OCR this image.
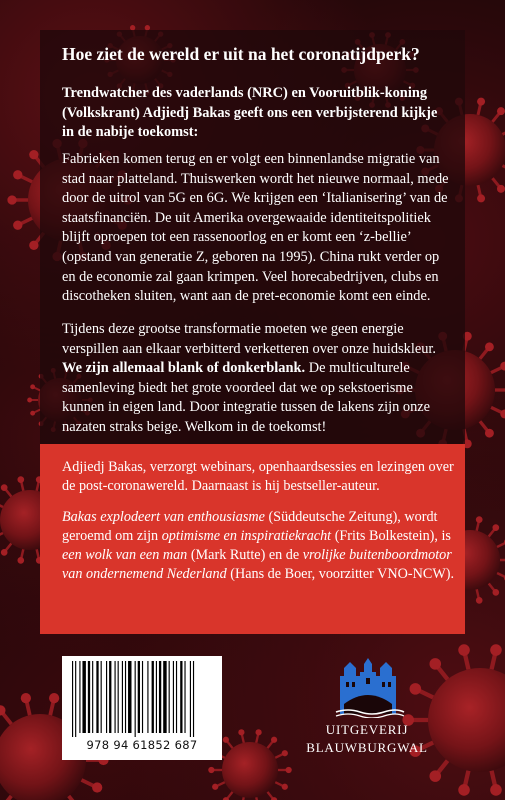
Hoe ziet de wereld er uit na het coronatijdperk?
Trendwatcher des vaderlands (NRC) en Vooruitblik-koning (Volkskrant) Adjiedj Bakas geeft ons een verbijsterend kijkje in de nabije toekomst:
Fabrieken komen terug en er volgt een binnenlandse migratie van stad naar platteland. Thuiswerken wordt het nieuwe normaal, mede door de uitrol van 5G en 6G. We krijgen een ‘Italianisering’ van de staatsfinanciën. De uit Amerika overgewaaide identiteitspolitiek blijft oproepen tot een rassenoorlog en er komt een ‘z-bellie’ (opstand van generatie Z, geboren na 1995). China rukt verder op en de economie zal gaan krimpen. Veel horecabedrijven, clubs en discotheken sluiten, want aan de pret-economie komt een einde.
Tijdens deze grootse transformatie moeten we geen energie verspillen aan elkaar verbitterd verketteren over onze huidskleur. We zijn allemaal blank of donkerblank. De multiculturele samenleving biedt het grote voordeel dat we op sekstoerisme kunnen in eigen land. Door integratie tussen de lakens zijn onze nazaten straks beige. Welkom in de toekomst!
Adjiedj Bakas, verzorgt webinars, openhaardsessies en lezingen over de post-coronawereld. Daarnaast is hij bestseller-auteur.
Bakas explodeert van enthousiasme (Süddeutsche Zeitung), wordt geroemd om zijn optimisme en inspiratiekracht (Frits Bolkestein), is een wolk van een man (Mark Rutte) en de vrolijke buitenboordmotor van ondernemend Nederland (Hans de Boer, voorzitter VNO-NCW).
978 94 61852 687
UITGEVERIJ
BLAUWBURGWAL
